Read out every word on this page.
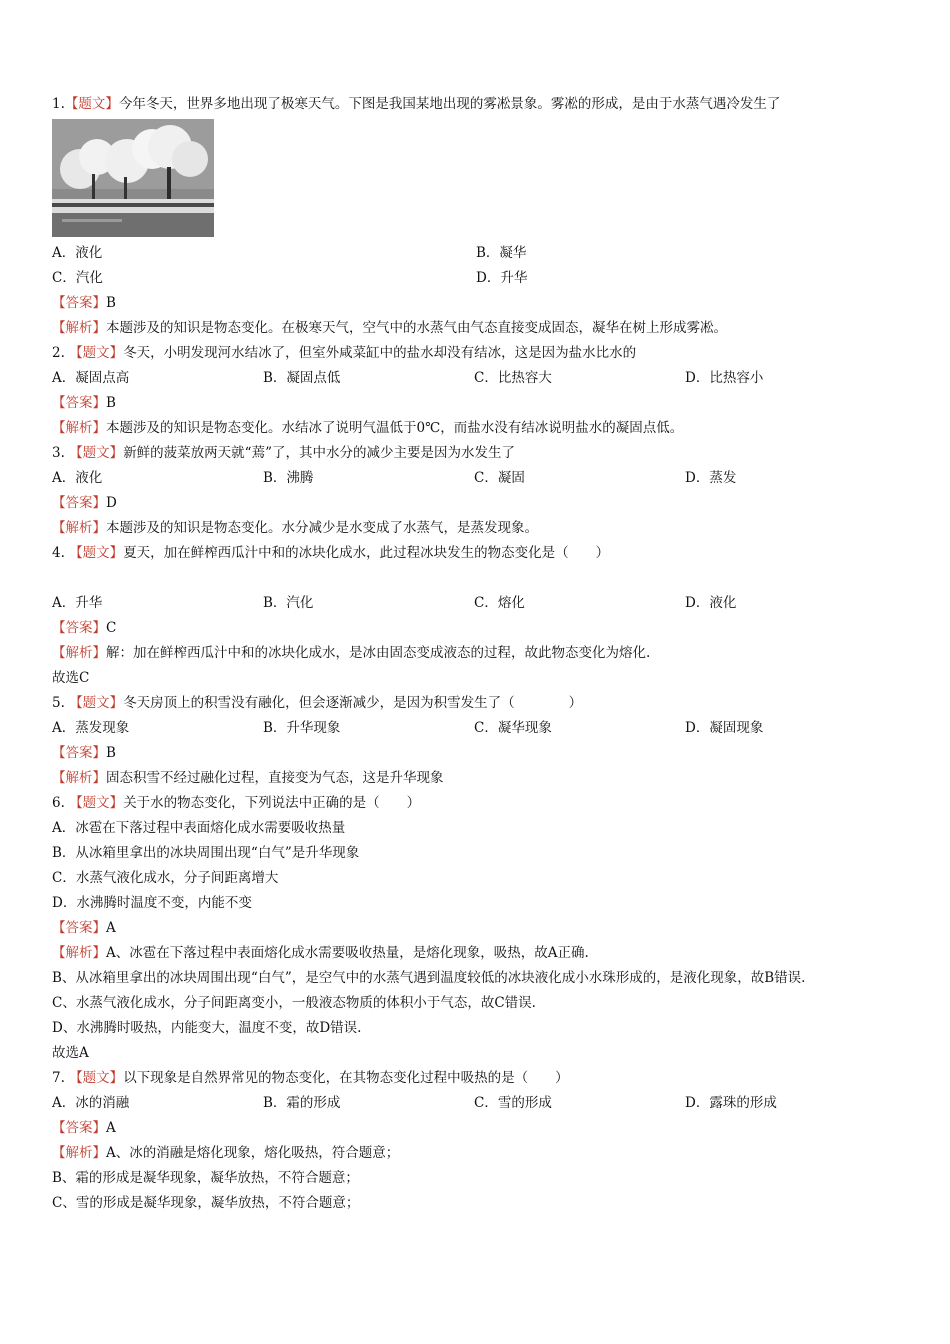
1.【题文】今年冬天，世界多地出现了极寒天气。下图是我国某地出现的雾凇景象。雾凇的形成，是由于水蒸气遇冷发生了
A．液化	B．凝华
C．汽化	D．升华
【答案】B
【解析】本题涉及的知识是物态变化。在极寒天气，空气中的水蒸气由气态直接变成固态，凝华在树上形成雾凇。
2. 【题文】冬天，小明发现河水结冰了，但室外咸菜缸中的盐水却没有结冰，这是因为盐水比水的
A．凝固点高	B．凝固点低	C．比热容大	D．比热容小
【答案】B
【解析】本题涉及的知识是物态变化。水结冰了说明气温低于0℃，而盐水没有结冰说明盐水的凝固点低。
3. 【题文】新鲜的菠菜放两天就“蔫”了，其中水分的减少主要是因为水发生了
A．液化	B．沸腾	C．凝固	D．蒸发
【答案】D
【解析】本题涉及的知识是物态变化。水分减少是水变成了水蒸气，是蒸发现象。
4. 【题文】夏天，加在鲜榨西瓜汁中和的冰块化成水，此过程冰块发生的物态变化是（　　）
A．升华	B．汽化	C．熔化	D．液化
【答案】C
【解析】解：加在鲜榨西瓜汁中和的冰块化成水，是冰由固态变成液态的过程，故此物态变化为熔化.
故选C
5. 【题文】冬天房顶上的积雪没有融化，但会逐渐减少，是因为积雪发生了（　　　　）
A．蒸发现象	B．升华现象	C．凝华现象	D．凝固现象
【答案】B
【解析】固态积雪不经过融化过程，直接变为气态，这是升华现象
6. 【题文】关于水的物态变化，下列说法中正确的是（　　）
A．冰雹在下落过程中表面熔化成水需要吸收热量
B．从冰箱里拿出的冰块周围出现“白气”是升华现象
C．水蒸气液化成水，分子间距离增大
D．水沸腾时温度不变，内能不变
【答案】A
【解析】A、冰雹在下落过程中表面熔化成水需要吸收热量，是熔化现象，吸热，故A正确.
B、从冰箱里拿出的冰块周围出现“白气”，是空气中的水蒸气遇到温度较低的冰块液化成小水珠形成的，是液化现象，故B错误.
C、水蒸气液化成水，分子间距离变小，一般液态物质的体积小于气态，故C错误.
D、水沸腾时吸热，内能变大，温度不变，故D错误.
故选A
7. 【题文】以下现象是自然界常见的物态变化，在其物态变化过程中吸热的是（　　）
A．冰的消融	B．霜的形成	C．雪的形成	D．露珠的形成
【答案】A
【解析】A、冰的消融是熔化现象，熔化吸热，符合题意；
B、霜的形成是凝华现象，凝华放热，不符合题意；
C、雪的形成是凝华现象，凝华放热，不符合题意；
